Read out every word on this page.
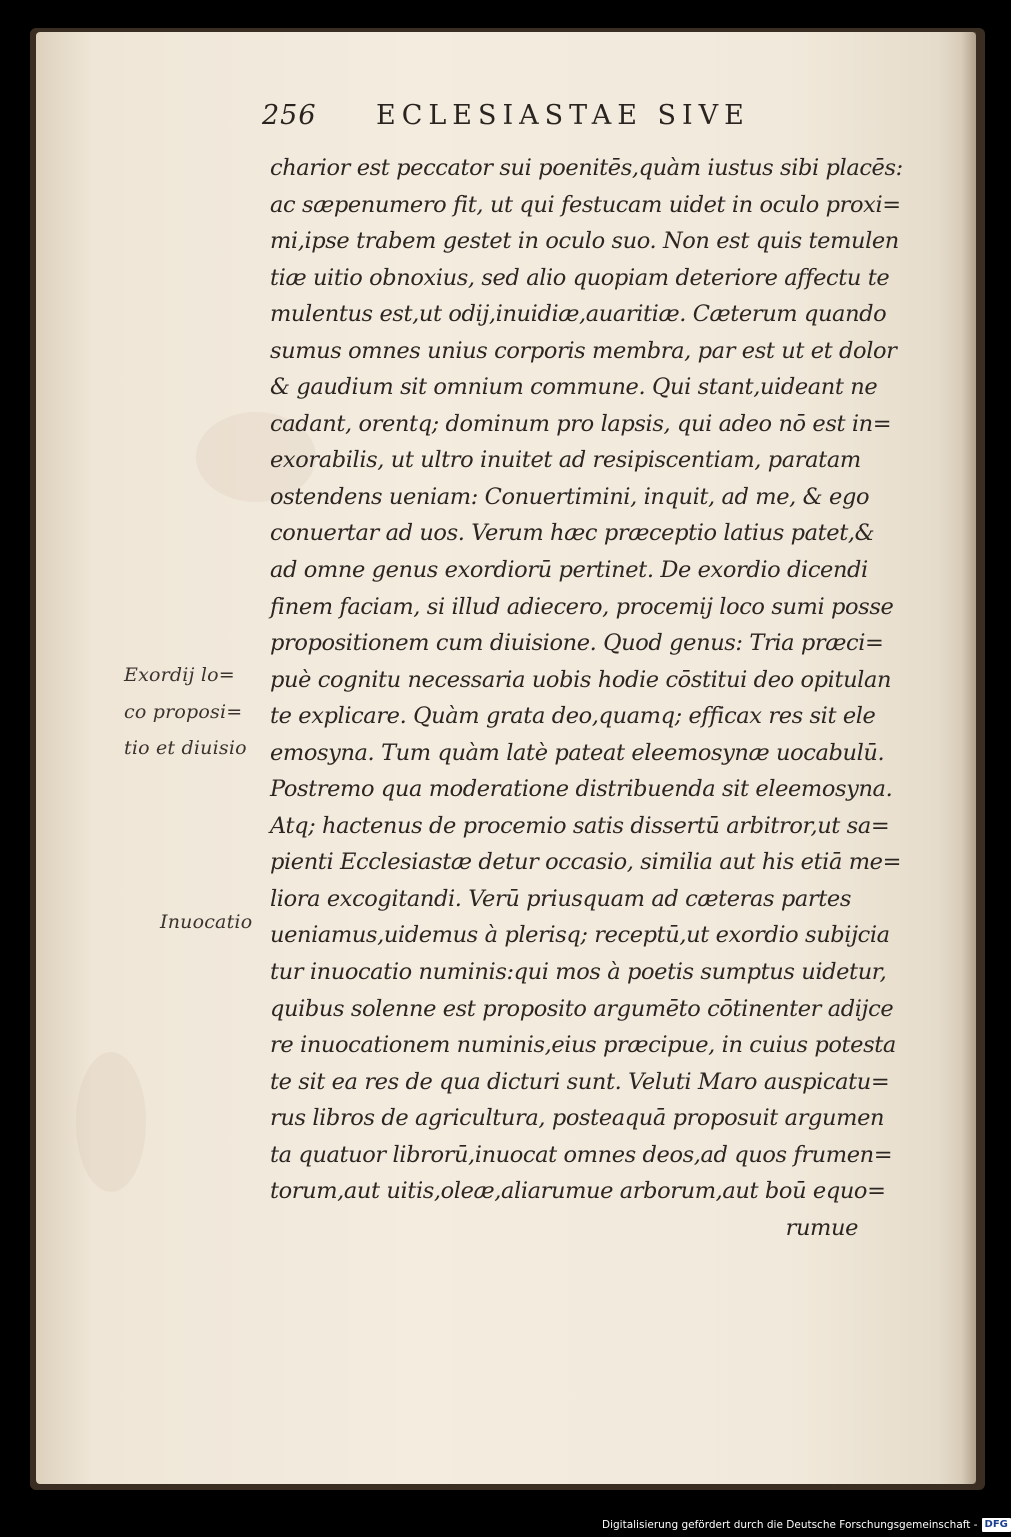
256 ECLESIASTAE SIVE
charior est peccator sui poenitēs,quàm iustus sibi placēs:
ac sæpenumero fit, ut qui festucam uidet in oculo proxi=
mi,ipse trabem gestet in oculo suo. Non est quis temulen
tiæ uitio obnoxius, sed alio quopiam deteriore affectu te
mulentus est,ut odij,inuidiæ,auaritiæ. Cæterum quando
sumus omnes unius corporis membra, par est ut et dolor
& gaudium sit omnium commune. Qui stant,uideant ne
cadant, orentq; dominum pro lapsis, qui adeo nō est in=
exorabilis, ut ultro inuitet ad resipiscentiam, paratam
ostendens ueniam: Conuertimini, inquit, ad me, & ego
conuertar ad uos. Verum hæc præceptio latius patet,&
ad omne genus exordiorū pertinet. De exordio dicendi
finem faciam, si illud adiecero, procemij loco sumi posse
propositionem cum diuisione. Quod genus: Tria præci=
puè cognitu necessaria uobis hodie cōstitui deo opitulan
te explicare. Quàm grata deo,quamq; efficax res sit ele
emosyna. Tum quàm latè pateat eleemosynæ uocabulū.
Postremo qua moderatione distribuenda sit eleemosyna.
Atq; hactenus de procemio satis dissertū arbitror,ut sa=
pienti Ecclesiastæ detur occasio, similia aut his etiā me=
liora excogitandi. Verū priusquam ad cæteras partes
ueniamus,uidemus à plerisq; receptū,ut exordio subijcia
tur inuocatio numinis:qui mos à poetis sumptus uidetur,
quibus solenne est proposito argumēto cōtinenter adijce
re inuocationem numinis,eius præcipue, in cuius potesta
te sit ea res de qua dicturi sunt. Veluti Maro auspicatu=
rus libros de agricultura, posteaquā proposuit argumen
ta quatuor librorū,inuocat omnes deos,ad quos frumen=
torum,aut uitis,oleæ,aliarumue arborum,aut boū equo=
rumue
Exordij lo=
co proposi=
tio et diuisio
Inuocatio
Digitalisierung gefördert durch die Deutsche Forschungsgemeinschaft - DFG
